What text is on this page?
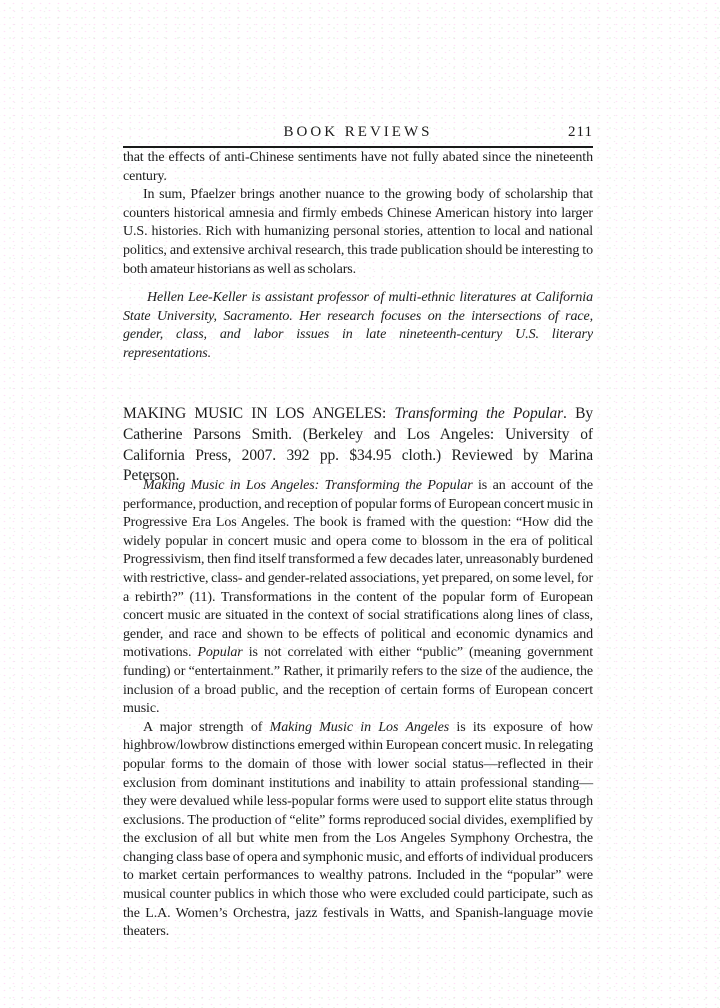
BOOK REVIEWS	211

that the effects of anti-Chinese sentiments have not fully abated since the nineteenth century.

In sum, Pfaelzer brings another nuance to the growing body of scholarship that counters historical amnesia and firmly embeds Chinese American history into larger U.S. histories. Rich with humanizing personal stories, attention to local and national politics, and extensive archival research, this trade publication should be interesting to both amateur historians as well as scholars.

Hellen Lee-Keller is assistant professor of multi-ethnic literatures at California State University, Sacramento. Her research focuses on the intersections of race, gender, class, and labor issues in late nineteenth-century U.S. literary representations.

MAKING MUSIC IN LOS ANGELES: Transforming the Popular. By Catherine Parsons Smith. (Berkeley and Los Angeles: University of California Press, 2007. 392 pp. $34.95 cloth.) Reviewed by Marina Peterson.

Making Music in Los Angeles: Transforming the Popular is an account of the performance, production, and reception of popular forms of European concert music in Progressive Era Los Angeles. The book is framed with the question: “How did the widely popular in concert music and opera come to blossom in the era of political Progressivism, then find itself transformed a few decades later, unreasonably burdened with restrictive, class- and gender-related associations, yet prepared, on some level, for a rebirth?” (11). Transformations in the content of the popular form of European concert music are situated in the context of social stratifications along lines of class, gender, and race and shown to be effects of political and economic dynamics and motivations. Popular is not correlated with either “public” (meaning government funding) or “entertainment.” Rather, it primarily refers to the size of the audience, the inclusion of a broad public, and the reception of certain forms of European concert music.

A major strength of Making Music in Los Angeles is its exposure of how highbrow/lowbrow distinctions emerged within European concert music. In relegating popular forms to the domain of those with lower social status—reflected in their exclusion from dominant institutions and inability to attain professional standing—they were devalued while less-popular forms were used to support elite status through exclusions. The production of “elite” forms reproduced social divides, exemplified by the exclusion of all but white men from the Los Angeles Symphony Orchestra, the changing class base of opera and symphonic music, and efforts of individual producers to market certain performances to wealthy patrons. Included in the “popular” were musical counter publics in which those who were excluded could participate, such as the L.A. Women’s Orchestra, jazz festivals in Watts, and Spanish-language movie theaters.
